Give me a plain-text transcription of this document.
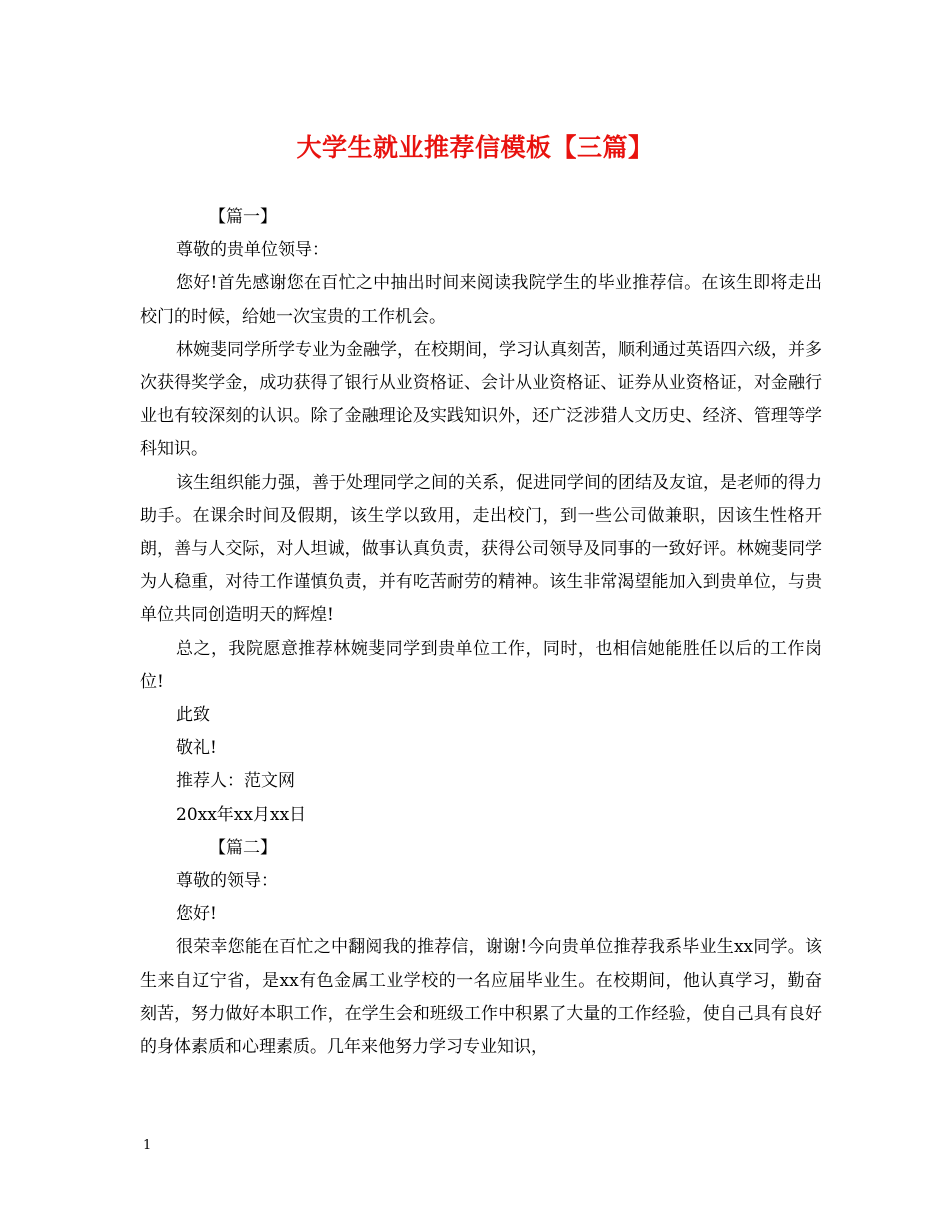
大学生就业推荐信模板【三篇】

【篇一】

尊敬的贵单位领导：

您好!首先感谢您在百忙之中抽出时间来阅读我院学生的毕业推荐信。在该生即将走出校门的时候，给她一次宝贵的工作机会。

林婉斐同学所学专业为金融学，在校期间，学习认真刻苦，顺利通过英语四六级，并多次获得奖学金，成功获得了银行从业资格证、会计从业资格证、证券从业资格证，对金融行业也有较深刻的认识。除了金融理论及实践知识外，还广泛涉猎人文历史、经济、管理等学科知识。

该生组织能力强，善于处理同学之间的关系，促进同学间的团结及友谊，是老师的得力助手。在课余时间及假期，该生学以致用，走出校门，到一些公司做兼职，因该生性格开朗，善与人交际，对人坦诚，做事认真负责，获得公司领导及同事的一致好评。林婉斐同学为人稳重，对待工作谨慎负责，并有吃苦耐劳的精神。该生非常渴望能加入到贵单位，与贵单位共同创造明天的辉煌!

总之，我院愿意推荐林婉斐同学到贵单位工作，同时，也相信她能胜任以后的工作岗位!

此致

敬礼!

推荐人：范文网

20xx年xx月xx日

【篇二】

尊敬的领导：

您好!

很荣幸您能在百忙之中翻阅我的推荐信，谢谢!今向贵单位推荐我系毕业生xx同学。该生来自辽宁省，是xx有色金属工业学校的一名应届毕业生。在校期间，他认真学习，勤奋刻苦，努力做好本职工作，在学生会和班级工作中积累了大量的工作经验，使自己具有良好的身体素质和心理素质。几年来他努力学习专业知识，

1
